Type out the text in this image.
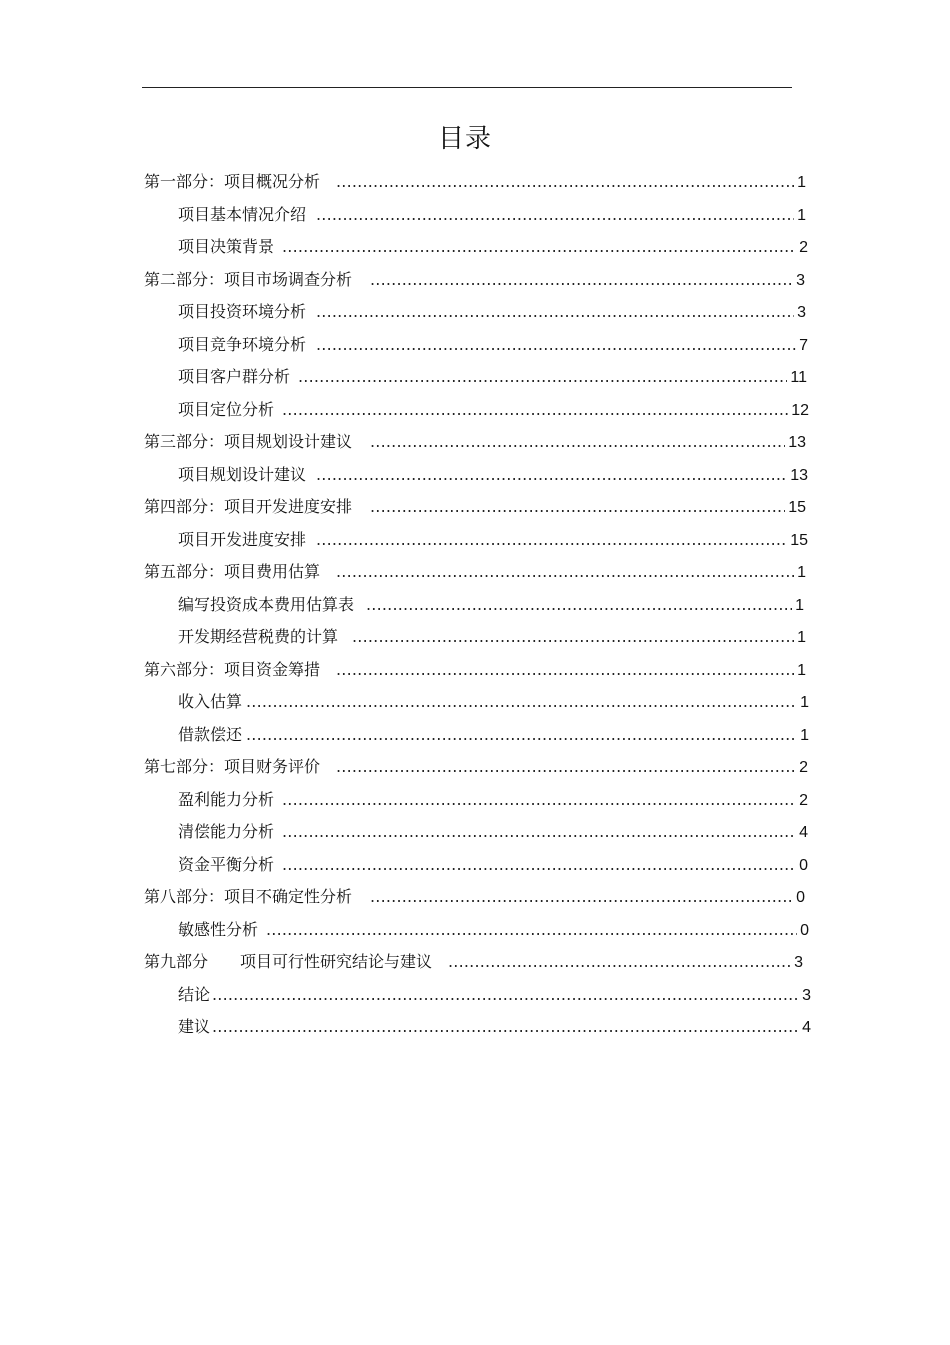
目录
第一部分：项目概况分析 .....	1
项目基本情况介绍 .....	1
项目决策背景 .....	2
第二部分：项目市场调查分析 .....	3
项目投资环境分析 .....	3
项目竞争环境分析 .....	7
项目客户群分析 .....	11
项目定位分析 .....	12
第三部分：项目规划设计建议 .....	13
项目规划设计建议 .....	13
第四部分：项目开发进度安排 .....	15
项目开发进度安排 .....	15
第五部分：项目费用估算 .....	1
编写投资成本费用估算表 .....	1
开发期经营税费的计算 .....	1
第六部分：项目资金筹措 .....	1
收入估算 .....	1
借款偿还 .....	1
第七部分：项目财务评价 .....	2
盈利能力分析 .....	2
清偿能力分析 .....	4
资金平衡分析 .....	0
第八部分：项目不确定性分析 .....	0
敏感性分析 .....	0
第九部分　　项目可行性研究结论与建议 .....	3
结论 .....	3
建议 .....	4
